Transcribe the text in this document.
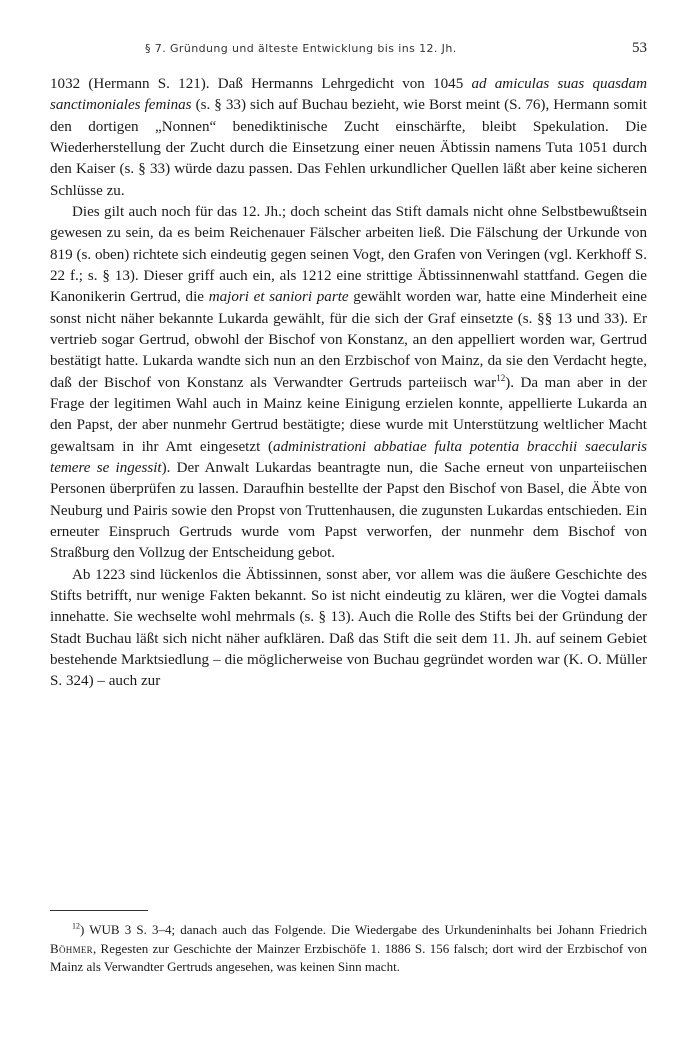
§ 7. Gründung und älteste Entwicklung bis ins 12. Jh.	53

1032 (Hermann S. 121). Daß Hermanns Lehrgedicht von 1045 ad amiculas suas quasdam sanctimoniales feminas (s. § 33) sich auf Buchau bezieht, wie Borst meint (S. 76), Hermann somit den dortigen „Nonnen“ benediktinische Zucht einschärfte, bleibt Spekulation. Die Wiederherstellung der Zucht durch die Einsetzung einer neuen Äbtissin namens Tuta 1051 durch den Kaiser (s. § 33) würde dazu passen. Das Fehlen urkundlicher Quellen läßt aber keine sicheren Schlüsse zu.

Dies gilt auch noch für das 12. Jh.; doch scheint das Stift damals nicht ohne Selbstbewußtsein gewesen zu sein, da es beim Reichenauer Fälscher arbeiten ließ. Die Fälschung der Urkunde von 819 (s. oben) richtete sich eindeutig gegen seinen Vogt, den Grafen von Veringen (vgl. Kerkhoff S. 22 f.; s. § 13). Dieser griff auch ein, als 1212 eine strittige Äbtissinnenwahl stattfand. Gegen die Kanonikerin Gertrud, die majori et saniori parte gewählt worden war, hatte eine Minderheit eine sonst nicht näher bekannte Lukarda gewählt, für die sich der Graf einsetzte (s. §§ 13 und 33). Er vertrieb sogar Gertrud, obwohl der Bischof von Konstanz, an den appelliert worden war, Gertrud bestätigt hatte. Lukarda wandte sich nun an den Erzbischof von Mainz, da sie den Verdacht hegte, daß der Bischof von Konstanz als Verwandter Gertruds parteiisch war$^{12}$). Da man aber in der Frage der legitimen Wahl auch in Mainz keine Einigung erzielen konnte, appellierte Lukarda an den Papst, der aber nunmehr Gertrud bestätigte; diese wurde mit Unterstützung weltlicher Macht gewaltsam in ihr Amt eingesetzt (administrationi abbatiae fulta potentia bracchii saecularis temere se ingessit). Der Anwalt Lukardas beantragte nun, die Sache erneut von unparteiischen Personen überprüfen zu lassen. Daraufhin bestellte der Papst den Bischof von Basel, die Äbte von Neuburg und Pairis sowie den Propst von Truttenhausen, die zugunsten Lukardas entschieden. Ein erneuter Einspruch Gertruds wurde vom Papst verworfen, der nunmehr dem Bischof von Straßburg den Vollzug der Entscheidung gebot.

Ab 1223 sind lückenlos die Äbtissinnen, sonst aber, vor allem was die äußere Geschichte des Stifts betrifft, nur wenige Fakten bekannt. So ist nicht eindeutig zu klären, wer die Vogtei damals innehatte. Sie wechselte wohl mehrmals (s. § 13). Auch die Rolle des Stifts bei der Gründung der Stadt Buchau läßt sich nicht näher aufklären. Daß das Stift die seit dem 11. Jh. auf seinem Gebiet bestehende Marktsiedlung – die möglicherweise von Buchau gegründet worden war (K. O. Müller S. 324) – auch zur

$^{12}$) WUB 3 S. 3–4; danach auch das Folgende. Die Wiedergabe des Urkundeninhalts bei Johann Friedrich Böhmer, Regesten zur Geschichte der Mainzer Erzbischöfe 1. 1886 S. 156 falsch; dort wird der Erzbischof von Mainz als Verwandter Gertruds angesehen, was keinen Sinn macht.
